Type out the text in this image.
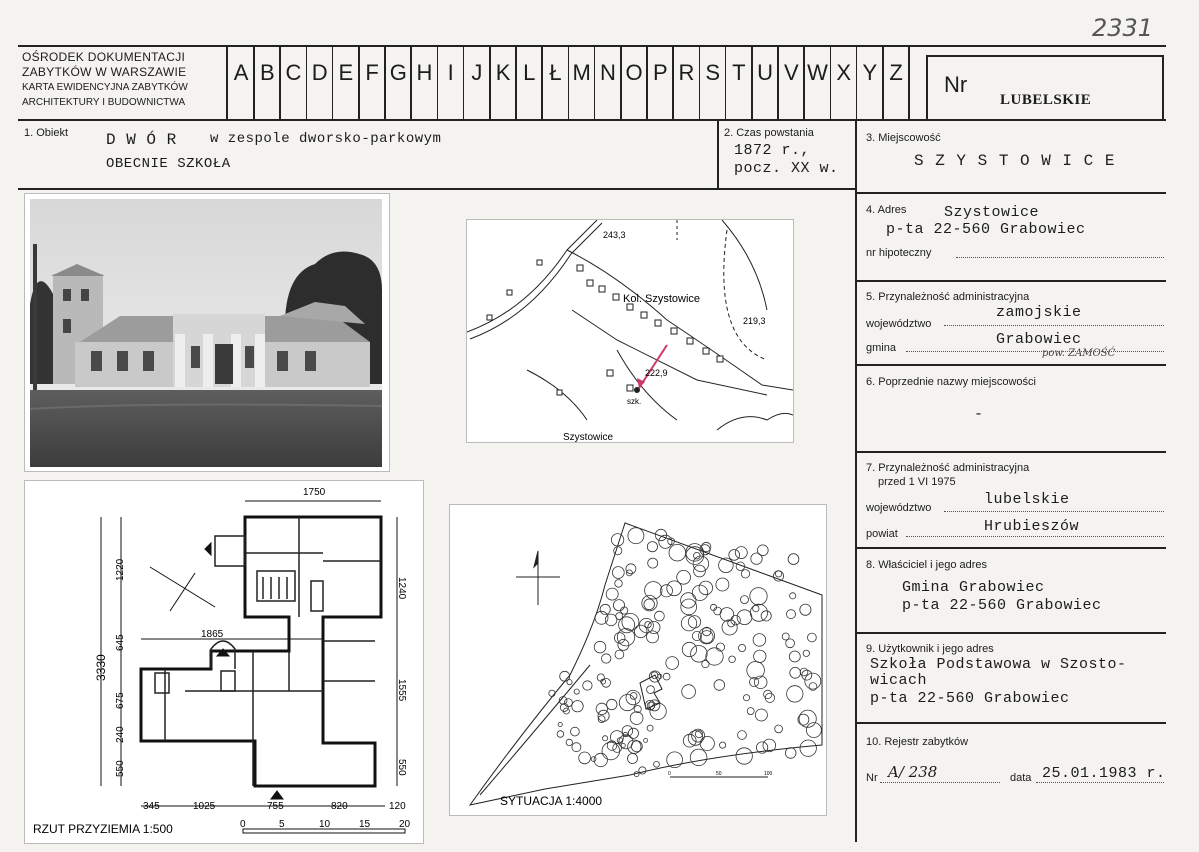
2331
OŚRODEK DOKUMENTACJI
ZABYTKÓW W WARSZAWIE
KARTA EWIDENCYJNA ZABYTKÓW
ARCHITEKTURY I BUDOWNICTWA
A B C D E F G H I J K L Ł M N O P R S T U V W X Y Z Nr
LUBELSKIE
1. Obiekt D W Ó R w zespole dworsko-parkowym
OBECNIE SZKOŁA
2. Czas powstania
1872 r.,
pocz. XX w.
3. Miejscowość
S Z Y S T O W I C E
4. Adres	Szystowice
p-ta 22-560 Grabowiec
nr hipoteczny
5. Przynależność administracyjna
województwo
zamojskie
gmina	Grabowiec
pow. ZAMOŚĆ
6. Poprzednie nazwy miejscowości
-
7. Przynależność administracyjna
przed 1 VI 1975
województwo	lubelskie
powiat	Hrubieszów
8. Właściciel i jego adres
Gmina Grabowiec
p-ta 22-560 Grabowiec
9. Użytkownik i jego adres
Szkoła Podstawowa w Szosto-
wicach
p-ta 22-560 Grabowiec
10. Rejestr zabytków
Nr A/ 238	data 25.01.1983 r.
243,3
219,3
222,9
Kol. Szystowice
szk.
Szystowice
1750
1865
3330
1220
645
675
240
550
1240
1555
550
345	1025	755	820	120
RZUT PRZYZIEMIA 1:500	0	5	10	15	20
0	50	100
SYTUACJA 1:4000
